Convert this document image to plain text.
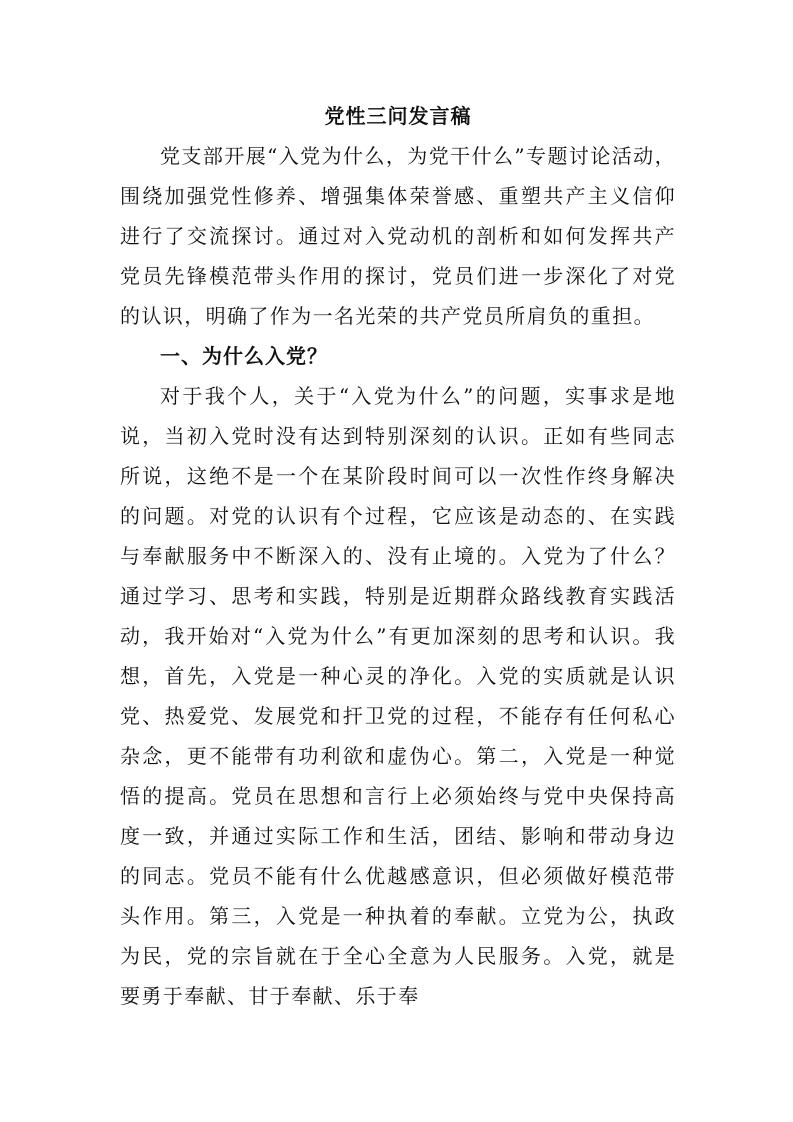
党性三问发言稿

党支部开展“入党为什么，为党干什么”专题讨论活动，围绕加强党性修养、增强集体荣誉感、重塑共产主义信仰进行了交流探讨。通过对入党动机的剖析和如何发挥共产党员先锋模范带头作用的探讨，党员们进一步深化了对党的认识，明确了作为一名光荣的共产党员所肩负的重担。

一、为什么入党？

对于我个人，关于“入党为什么”的问题，实事求是地说，当初入党时没有达到特别深刻的认识。正如有些同志所说，这绝不是一个在某阶段时间可以一次性作终身解决的问题。对党的认识有个过程，它应该是动态的、在实践与奉献服务中不断深入的、没有止境的。入党为了什么？通过学习、思考和实践，特别是近期群众路线教育实践活动，我开始对“入党为什么”有更加深刻的思考和认识。我想，首先，入党是一种心灵的净化。入党的实质就是认识党、热爱党、发展党和扞卫党的过程，不能存有任何私心杂念，更不能带有功利欲和虚伪心。第二，入党是一种觉悟的提高。党员在思想和言行上必须始终与党中央保持高度一致，并通过实际工作和生活，团结、影响和带动身边的同志。党员不能有什么优越感意识，但必须做好模范带头作用。第三，入党是一种执着的奉献。立党为公，执政为民，党的宗旨就在于全心全意为人民服务。入党，就是要勇于奉献、甘于奉献、乐于奉
